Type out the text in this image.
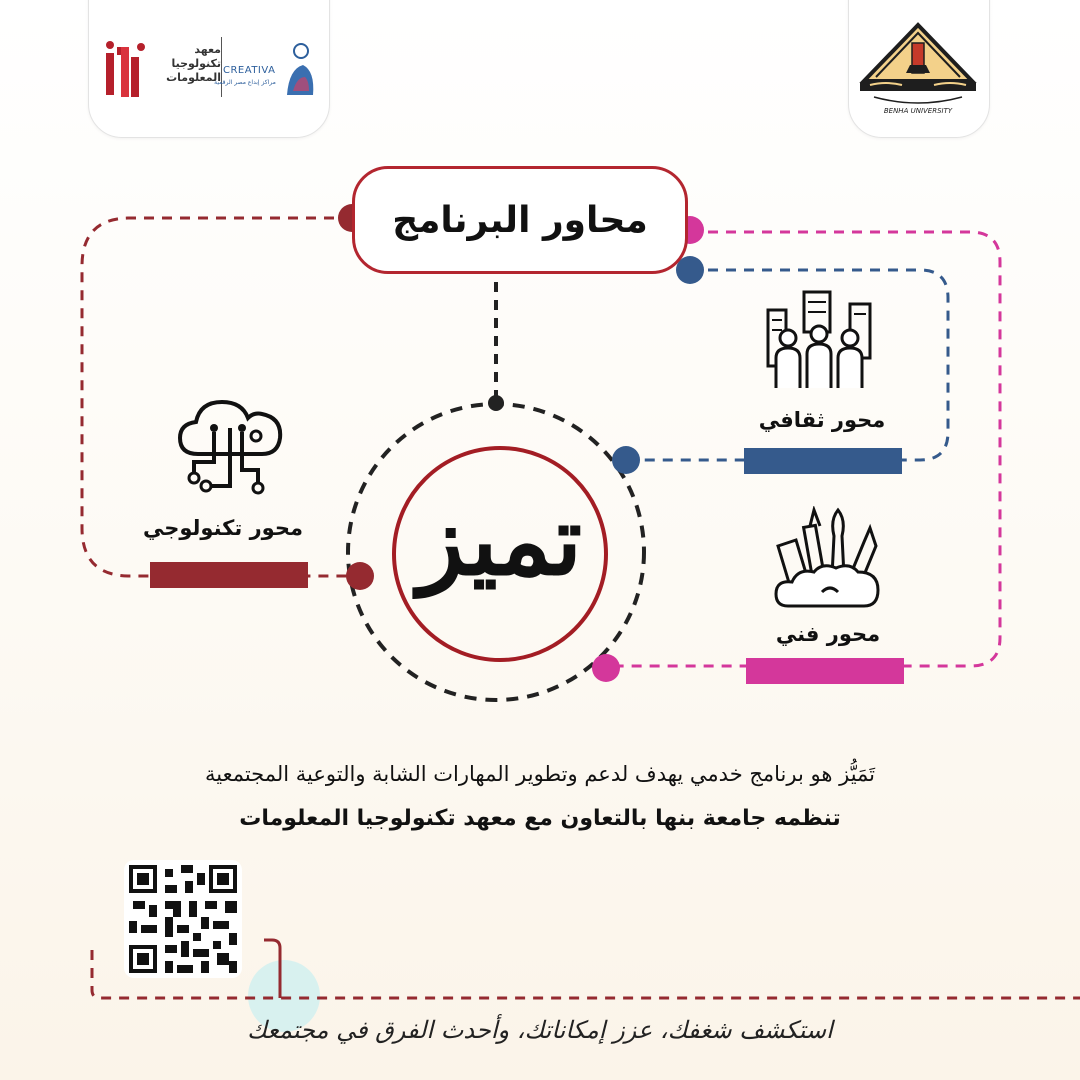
معهد تكنولوجيا المعلومات
CREATIVA
مراكز إبداع مصر الرقمية
BENHA UNIVERSITY
محاور البرنامج
تميز
محور تكنولوجي
محور ثقافي
محور فني
تَمَيُّز هو برنامج خدمي يهدف لدعم وتطوير المهارات الشابة والتوعية المجتمعية
تنظمه جامعة بنها بالتعاون مع معهد تكنولوجيا المعلومات
استكشف شغفك، عزز إمكاناتك، وأحدث الفرق في مجتمعك
